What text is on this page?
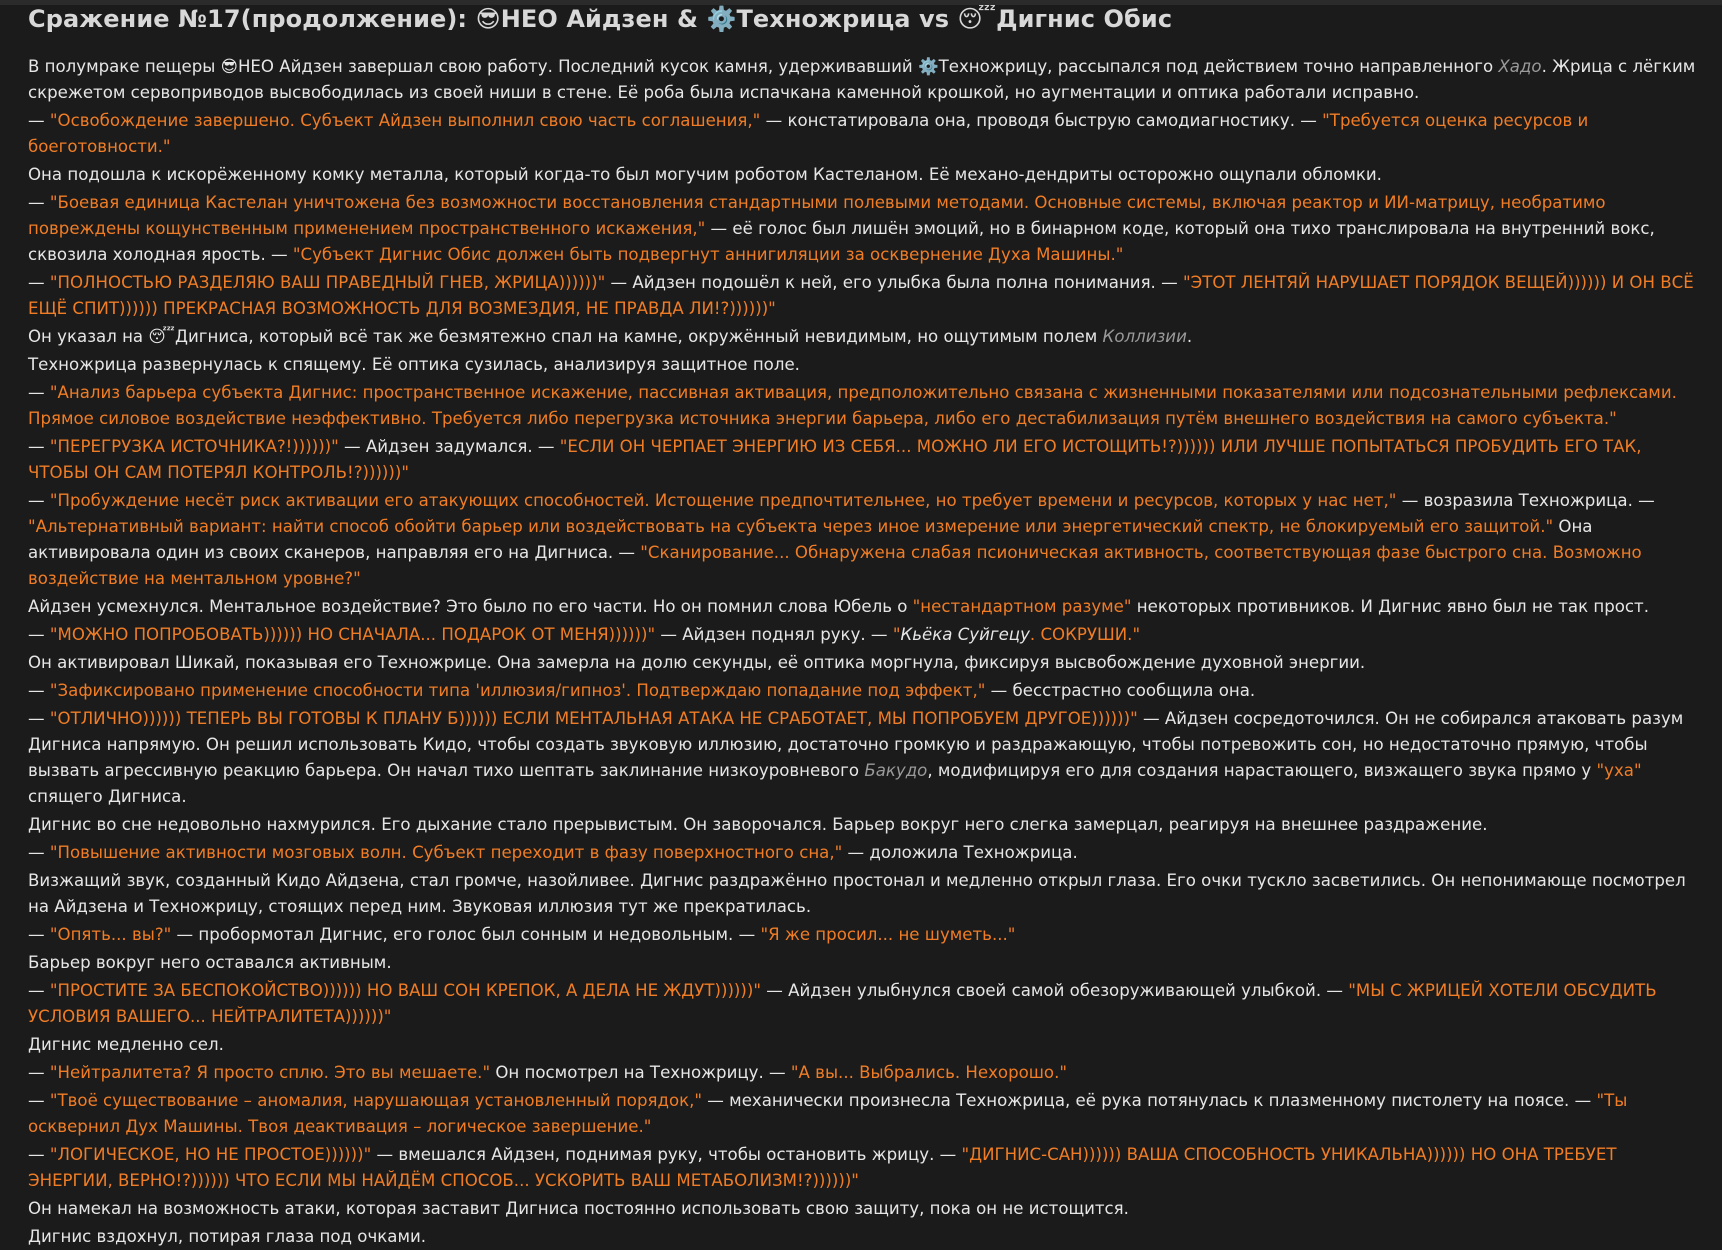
Сражение №17(продолжение): 😎НЕО Айдзен & ⚙️Техножрица vs 😴Дигнис Обис

В полумраке пещеры 😎НЕО Айдзен завершал свою работу. Последний кусок камня, удерживавший ⚙️Техножрицу, рассыпался под действием точно направленного Хадо. Жрица с лёгким скрежетом сервоприводов высвободилась из своей ниши в стене. Её роба была испачкана каменной крошкой, но аугментации и оптика работали исправно.

— "Освобождение завершено. Субъект Айдзен выполнил свою часть соглашения," — констатировала она, проводя быструю самодиагностику. — "Требуется оценка ресурсов и боеготовности."

Она подошла к искорёженному комку металла, который когда-то был могучим роботом Кастеланом. Её механо-дендриты осторожно ощупали обломки.

— "Боевая единица Кастелан уничтожена без возможности восстановления стандартными полевыми методами. Основные системы, включая реактор и ИИ-матрицу, необратимо повреждены кощунственным применением пространственного искажения," — её голос был лишён эмоций, но в бинарном коде, который она тихо транслировала на внутренний вокс, сквозила холодная ярость. — "Субъект Дигнис Обис должен быть подвергнут аннигиляции за осквернение Духа Машины."

— "ПОЛНОСТЬЮ РАЗДЕЛЯЮ ВАШ ПРАВЕДНЫЙ ГНЕВ, ЖРИЦА))))))" — Айдзен подошёл к ней, его улыбка была полна понимания. — "ЭТОТ ЛЕНТЯЙ НАРУШАЕТ ПОРЯДОК ВЕЩЕЙ)))))) И ОН ВСЁ ЕЩЁ СПИТ)))))) ПРЕКРАСНАЯ ВОЗМОЖНОСТЬ ДЛЯ ВОЗМЕЗДИЯ, НЕ ПРАВДА ЛИ!?))))))"

Он указал на 😴Дигниса, который всё так же безмятежно спал на камне, окружённый невидимым, но ощутимым полем Коллизии.

Техножрица развернулась к спящему. Её оптика сузилась, анализируя защитное поле.

— "Анализ барьера субъекта Дигнис: пространственное искажение, пассивная активация, предположительно связана с жизненными показателями или подсознательными рефлексами. Прямое силовое воздействие неэффективно. Требуется либо перегрузка источника энергии барьера, либо его дестабилизация путём внешнего воздействия на самого субъекта."

— "ПЕРЕГРУЗКА ИСТОЧНИКА?!))))))" — Айдзен задумался. — "ЕСЛИ ОН ЧЕРПАЕТ ЭНЕРГИЮ ИЗ СЕБЯ... МОЖНО ЛИ ЕГО ИСТОЩИТЬ!?)))))) ИЛИ ЛУЧШЕ ПОПЫТАТЬСЯ ПРОБУДИТЬ ЕГО ТАК, ЧТОБЫ ОН САМ ПОТЕРЯЛ КОНТРОЛЬ!?))))))"

— "Пробуждение несёт риск активации его атакующих способностей. Истощение предпочтительнее, но требует времени и ресурсов, которых у нас нет," — возразила Техножрица. — "Альтернативный вариант: найти способ обойти барьер или воздействовать на субъекта через иное измерение или энергетический спектр, не блокируемый его защитой." Она активировала один из своих сканеров, направляя его на Дигниса. — "Сканирование... Обнаружена слабая псионическая активность, соответствующая фазе быстрого сна. Возможно воздействие на ментальном уровне?"

Айдзен усмехнулся. Ментальное воздействие? Это было по его части. Но он помнил слова Юбель о "нестандартном разуме" некоторых противников. И Дигнис явно был не так прост.

— "МОЖНО ПОПРОБОВАТЬ)))))) НО СНАЧАЛА... ПОДАРОК ОТ МЕНЯ))))))" — Айдзен поднял руку. — "Кьёка Суйгецу. СОКРУШИ."

Он активировал Шикай, показывая его Техножрице. Она замерла на долю секунды, её оптика моргнула, фиксируя высвобождение духовной энергии.

— "Зафиксировано применение способности типа 'иллюзия/гипноз'. Подтверждаю попадание под эффект," — бесстрастно сообщила она.

— "ОТЛИЧНО)))))) ТЕПЕРЬ ВЫ ГОТОВЫ К ПЛАНУ Б)))))) ЕСЛИ МЕНТАЛЬНАЯ АТАКА НЕ СРАБОТАЕТ, МЫ ПОПРОБУЕМ ДРУГОЕ))))))" — Айдзен сосредоточился. Он не собирался атаковать разум Дигниса напрямую. Он решил использовать Кидо, чтобы создать звуковую иллюзию, достаточно громкую и раздражающую, чтобы потревожить сон, но недостаточно прямую, чтобы вызвать агрессивную реакцию барьера. Он начал тихо шептать заклинание низкоуровневого Бакудо, модифицируя его для создания нарастающего, визжащего звука прямо у "уха" спящего Дигниса.

Дигнис во сне недовольно нахмурился. Его дыхание стало прерывистым. Он заворочался. Барьер вокруг него слегка замерцал, реагируя на внешнее раздражение.

— "Повышение активности мозговых волн. Субъект переходит в фазу поверхностного сна," — доложила Техножрица.

Визжащий звук, созданный Кидо Айдзена, стал громче, назойливее. Дигнис раздражённо простонал и медленно открыл глаза. Его очки тускло засветились. Он непонимающе посмотрел на Айдзена и Техножрицу, стоящих перед ним. Звуковая иллюзия тут же прекратилась.

— "Опять... вы?" — пробормотал Дигнис, его голос был сонным и недовольным. — "Я же просил... не шуметь..."

Барьер вокруг него оставался активным.

— "ПРОСТИТЕ ЗА БЕСПОКОЙСТВО)))))) НО ВАШ СОН КРЕПОК, А ДЕЛА НЕ ЖДУТ))))))" — Айдзен улыбнулся своей самой обезоруживающей улыбкой. — "МЫ С ЖРИЦЕЙ ХОТЕЛИ ОБСУДИТЬ УСЛОВИЯ ВАШЕГО... НЕЙТРАЛИТЕТА))))))"

Дигнис медленно сел.

— "Нейтралитета? Я просто сплю. Это вы мешаете." Он посмотрел на Техножрицу. — "А вы... Выбрались. Нехорошо."

— "Твоё существование – аномалия, нарушающая установленный порядок," — механически произнесла Техножрица, её рука потянулась к плазменному пистолету на поясе. — "Ты осквернил Дух Машины. Твоя деактивация – логическое завершение."

— "ЛОГИЧЕСКОЕ, НО НЕ ПРОСТОЕ))))))" — вмешался Айдзен, поднимая руку, чтобы остановить жрицу. — "ДИГНИС-САН)))))) ВАША СПОСОБНОСТЬ УНИКАЛЬНА)))))) НО ОНА ТРЕБУЕТ ЭНЕРГИИ, ВЕРНО!?)))))) ЧТО ЕСЛИ МЫ НАЙДЁМ СПОСОБ... УСКОРИТЬ ВАШ МЕТАБОЛИЗМ!?))))))"

Он намекал на возможность атаки, которая заставит Дигниса постоянно использовать свою защиту, пока он не истощится.

Дигнис вздохнул, потирая глаза под очками.
